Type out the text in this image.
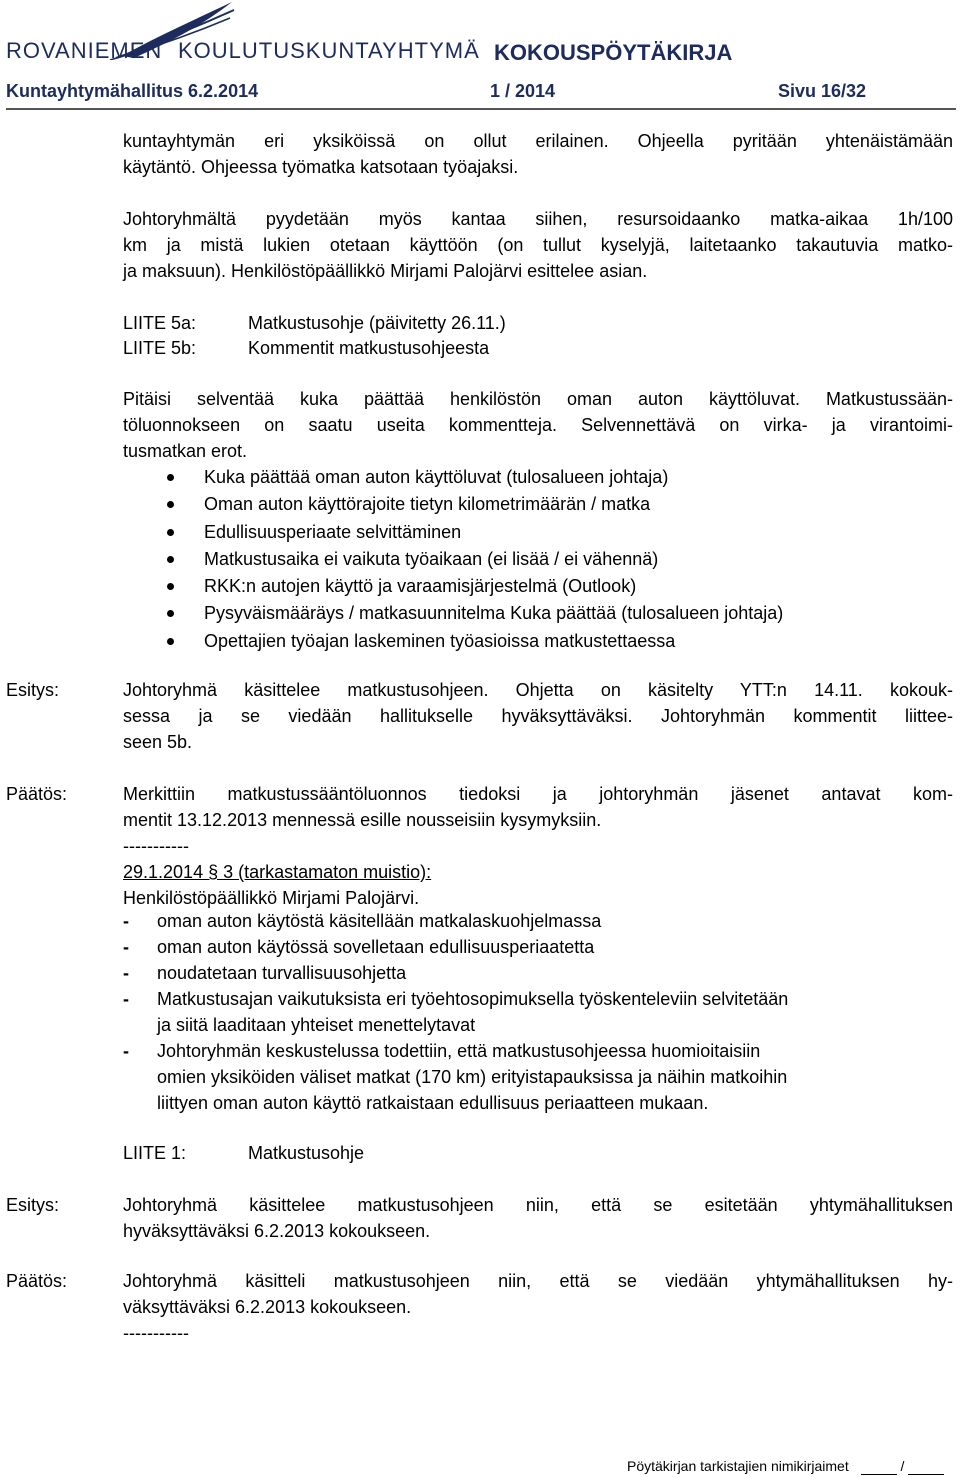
ROVANIEMEN KOULUTUSKUNTAYHTYMÄ KOKOUSPÖYTÄKIRJA
Kuntayhtymähallitus 6.2.2014	1 / 2014	Sivu 16/32
kuntayhtymän eri yksiköissä on ollut erilainen. Ohjeella pyritään yhtenäistämään
käytäntö. Ohjeessa työmatka katsotaan työajaksi.
Johtoryhmältä pyydetään myös kantaa siihen, resursoidaanko matka-aikaa 1h/100
km ja mistä lukien otetaan käyttöön (on tullut kyselyjä, laitetaanko takautuvia matko-
ja maksuun). Henkilöstöpäällikkö Mirjami Palojärvi esittelee asian.
LIITE 5a:	Matkustusohje (päivitetty 26.11.)
LIITE 5b:	Kommentit matkustusohjeesta
Pitäisi selventää kuka päättää henkilöstön oman auton käyttöluvat. Matkustussään-
töluonnokseen on saatu useita kommentteja. Selvennettävä on virka- ja virantoimi-
tusmatkan erot.
Kuka päättää oman auton käyttöluvat (tulosalueen johtaja)
Oman auton käyttörajoite tietyn kilometrimäärän / matka
Edullisuusperiaate selvittäminen
Matkustusaika ei vaikuta työaikaan (ei lisää / ei vähennä)
RKK:n autojen käyttö ja varaamisjärjestelmä (Outlook)
Pysyväismääräys / matkasuunnitelma Kuka päättää (tulosalueen johtaja)
Opettajien työajan laskeminen työasioissa matkustettaessa
Esitys:	Johtoryhmä käsittelee matkustusohjeen. Ohjetta on käsitelty YTT:n 14.11. kokouk-
sessa ja se viedään hallitukselle hyväksyttäväksi. Johtoryhmän kommentit liittee-
seen 5b.
Päätös:	Merkittiin matkustussääntöluonnos tiedoksi ja johtoryhmän jäsenet antavat kom-
mentit 13.12.2013 mennessä esille nousseisiin kysymyksiin.
-----------
29.1.2014 § 3 (tarkastamaton muistio):
Henkilöstöpäällikkö Mirjami Palojärvi.
- oman auton käytöstä käsitellään matkalaskuohjelmassa
- oman auton käytössä sovelletaan edullisuusperiaatetta
- noudatetaan turvallisuusohjetta
- Matkustusajan vaikutuksista eri työehtosopimuksella työskenteleviin selvitetään
ja siitä laaditaan yhteiset menettelytavat
- Johtoryhmän keskustelussa todettiin, että matkustusohjeessa huomioitaisiin
omien yksiköiden väliset matkat (170 km) erityistapauksissa ja näihin matkoihin
liittyen oman auton käyttö ratkaistaan edullisuus periaatteen mukaan.
LIITE 1:	Matkustusohje
Esitys:	Johtoryhmä käsittelee matkustusohjeen niin, että se esitetään yhtymähallituksen
hyväksyttäväksi 6.2.2013 kokoukseen.
Päätös:	Johtoryhmä käsitteli matkustusohjeen niin, että se viedään yhtymähallituksen hy-
väksyttäväksi 6.2.2013 kokoukseen.
-----------
Pöytäkirjan tarkistajien nimikirjaimet	/
